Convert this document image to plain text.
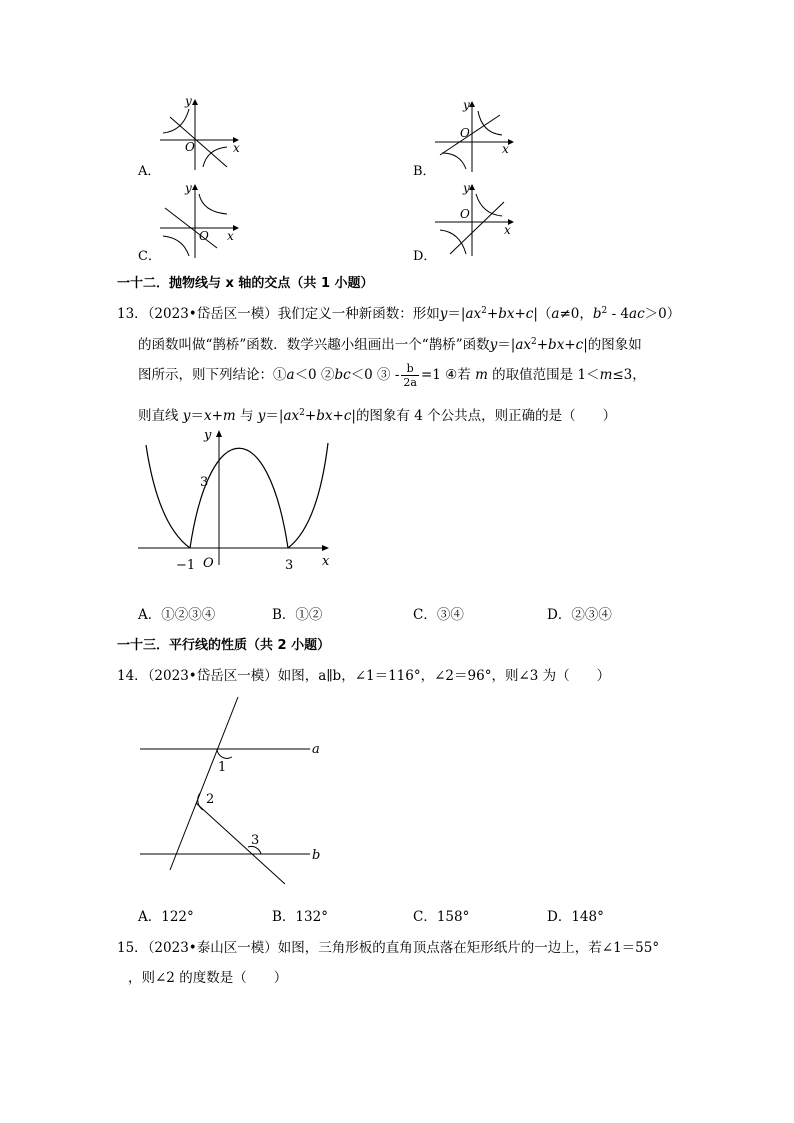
A．
y
x
O
B．
y
x
O
C．
y
x
O
D．
y
x
O
一十二．抛物线与 x 轴的交点（共 1 小题）
13．（2023•岱岳区一模）我们定义一种新函数：形如$y=|ax^2+bx+c|(a\ne 0$，$b^2 - 4ac>0$）
的函数叫做“鹊桥”函数．数学兴趣小组画出一个“鹊桥”函数$y=|ax^2+bx+c|$的图象如
图所示，则下列结论：①a＜0 ②bc＜0 ③ - $\frac{b}{2a} =1$ ④若 m 的取值范围是 1＜m≤3，
则直线 y＝x+m 与 $y=|ax^2+bx+c|$的图象有 4 个公共点，则正确的是（　　）
y
x
O
3
−1	3
A．①②③④	B．①②	C．③④	D．②③④
一十三．平行线的性质（共 2 小题）
14．（2023•岱岳区一模）如图，a∥b，∠1＝116°，∠2＝96°，则∠3 为（　　）
a
b
1
2
3
A．122°	B．132°	C．158°	D．148°
15．（2023•泰山区一模）如图，三角形板的直角顶点落在矩形纸片的一边上，若∠1＝55°
，则∠2 的度数是（　　）
